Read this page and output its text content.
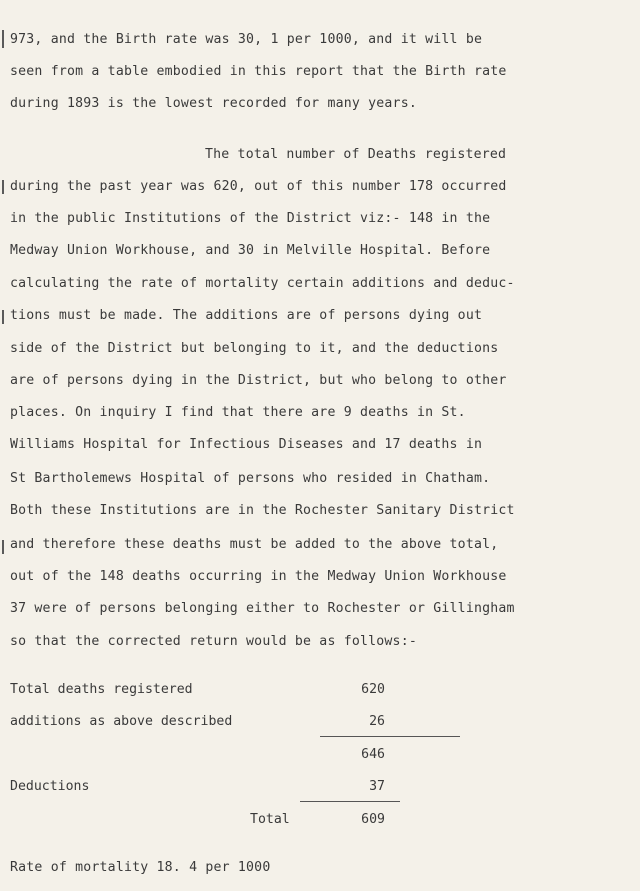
973, and the Birth rate was 30, 1 per 1000, and it will be
seen from a table embodied in this report that the Birth rate
during 1893 is the lowest recorded for many years.
The total number of Deaths registered
during the past year was 620, out of this number 178 occurred
in the public Institutions of the District viz:- 148 in the
Medway Union Workhouse, and 30 in Melville Hospital. Before
calculating the rate of mortality certain additions and deduc-
tions must be made. The additions are of persons dying out
side of the District but belonging to it, and the deductions
are of persons dying in the District, but who belong to other
places. On inquiry I find that there are 9 deaths in St.
Williams Hospital for Infectious Diseases and 17 deaths in
St Bartholemews Hospital of persons who resided in Chatham.
Both these Institutions are in the Rochester Sanitary District
and therefore these deaths must be added to the above total,
out of the 148 deaths occurring in the Medway Union Workhouse
37 were of persons belonging either to Rochester or Gillingham
so that the corrected return would be as follows:-
Total deaths registered	620
additions as above described	26
646
Deductions	37
Total	609
Rate of mortality 18. 4 per 1000
